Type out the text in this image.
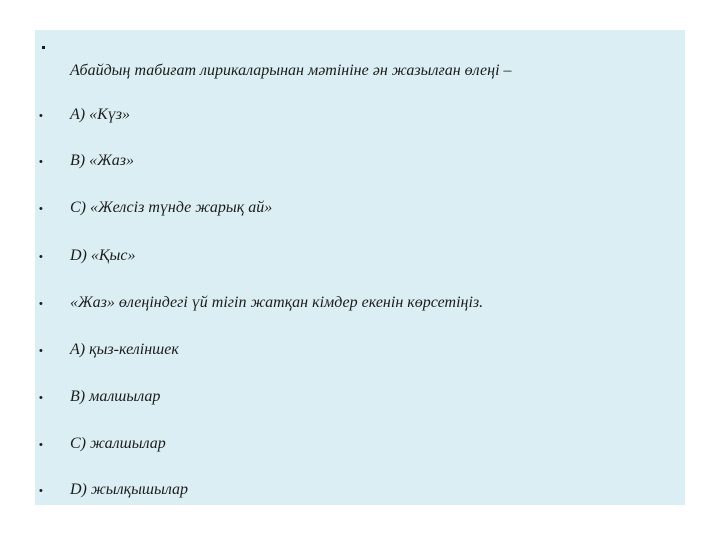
Абайдың табиғат лирикаларынан мәтініне ән жазылған өлеңі –
• А) «Күз»
• В) «Жаз»
• С) «Желсіз түнде жарық ай»
• D) «Қыс»
• «Жаз» өлеңіндегі үй тігіп жатқан кімдер екенін көрсетіңіз.
• А) қыз-келіншек
• В) малшылар
• С) жалшылар
• D) жылқышылар
